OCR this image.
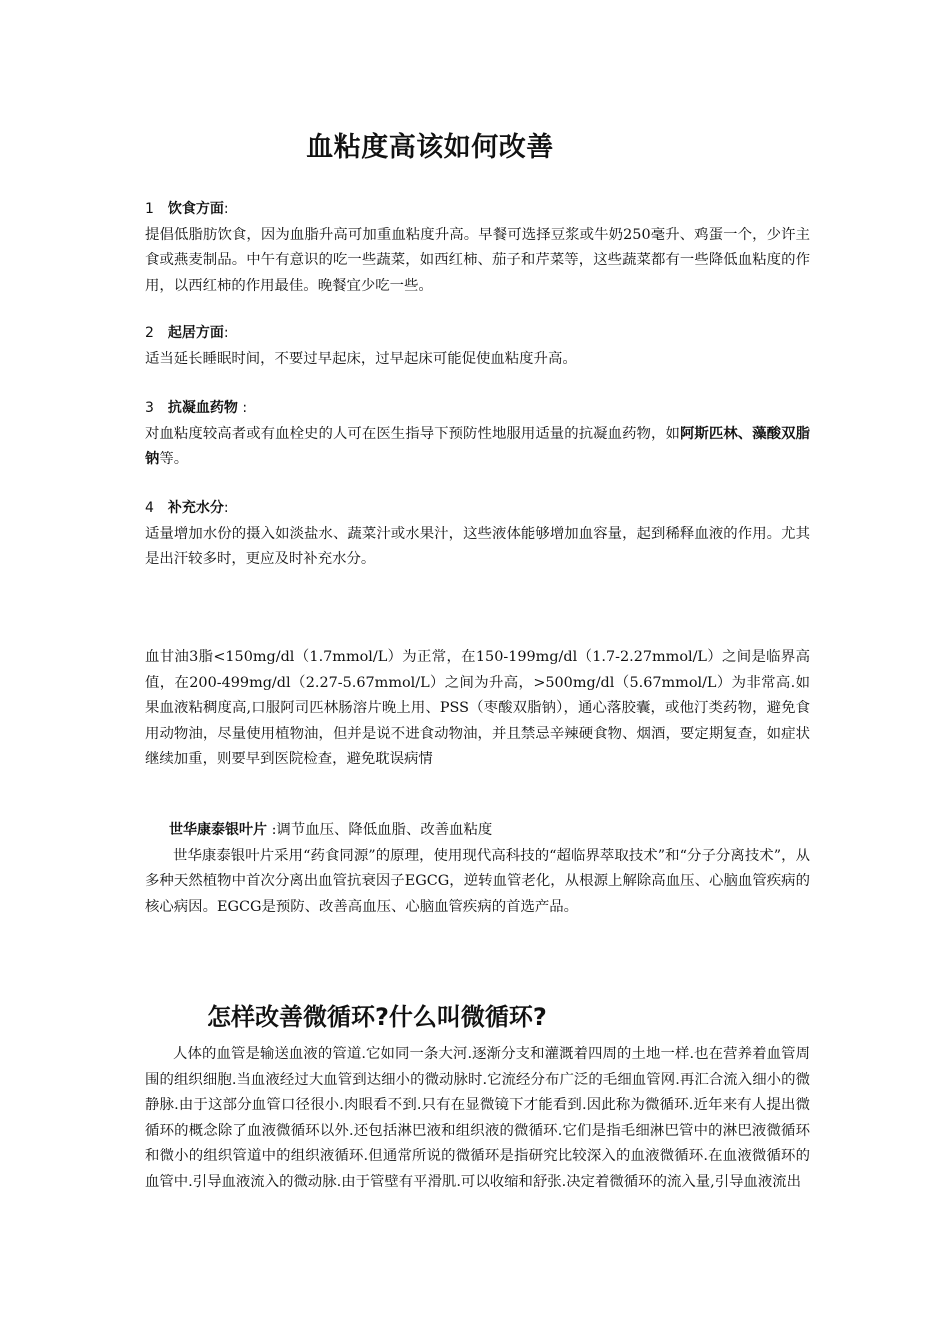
血粘度高该如何改善
1 饮食方面:
提倡低脂肪饮食，因为血脂升高可加重血粘度升高。早餐可选择豆浆或牛奶250毫升、鸡蛋一个，少许主食或燕麦制品。中午有意识的吃一些蔬菜，如西红柿、茄子和芹菜等，这些蔬菜都有一些降低血粘度的作用，以西红柿的作用最佳。晚餐宜少吃一些。
2 起居方面:
适当延长睡眠时间，不要过早起床，过早起床可能促使血粘度升高。
3 抗凝血药物 :
对血粘度较高者或有血栓史的人可在医生指导下预防性地服用适量的抗凝血药物，如阿斯匹林、藻酸双脂钠等。
4 补充水分:
适量增加水份的摄入如淡盐水、蔬菜汁或水果汁，这些液体能够增加血容量，起到稀释血液的作用。尤其是出汗较多时，更应及时补充水分。
血甘油3脂<150mg/dl（1.7mmol/L）为正常，在150-199mg/dl（1.7-2.27mmol/L）之间是临界高值，在200-499mg/dl（2.27-5.67mmol/L）之间为升高，>500mg/dl（5.67mmol/L）为非常高.如果血液粘稠度高,口服阿司匹林肠溶片晚上用、PSS（枣酸双脂钠），通心落胶囊，或他汀类药物，避免食用动物油，尽量使用植物油，但并是说不进食动物油，并且禁忌辛辣硬食物、烟酒，要定期复查，如症状继续加重，则要早到医院检查，避免耽误病情
世华康泰银叶片 :调节血压、降低血脂、改善血粘度
世华康泰银叶片采用“药食同源”的原理，使用现代高科技的“超临界萃取技术”和“分子分离技术”，从多种天然植物中首次分离出血管抗衰因子EGCG，逆转血管老化，从根源上解除高血压、心脑血管疾病的核心病因。EGCG是预防、改善高血压、心脑血管疾病的首选产品。
怎样改善微循环?什么叫微循环?
人体的血管是输送血液的管道.它如同一条大河.逐渐分支和灌溉着四周的土地一样.也在营养着血管周围的组织细胞.当血液经过大血管到达细小的微动脉时.它流经分布广泛的毛细血管网.再汇合流入细小的微静脉.由于这部分血管口径很小.肉眼看不到.只有在显微镜下才能看到.因此称为微循环.近年来有人提出微循环的概念除了血液微循环以外.还包括淋巴液和组织液的微循环.它们是指毛细淋巴管中的淋巴液微循环和微小的组织管道中的组织液循环.但通常所说的微循环是指研究比较深入的血液微循环.在血液微循环的血管中.引导血液流入的微动脉.由于管壁有平滑肌.可以收缩和舒张.决定着微循环的流入量,引导血液流出
